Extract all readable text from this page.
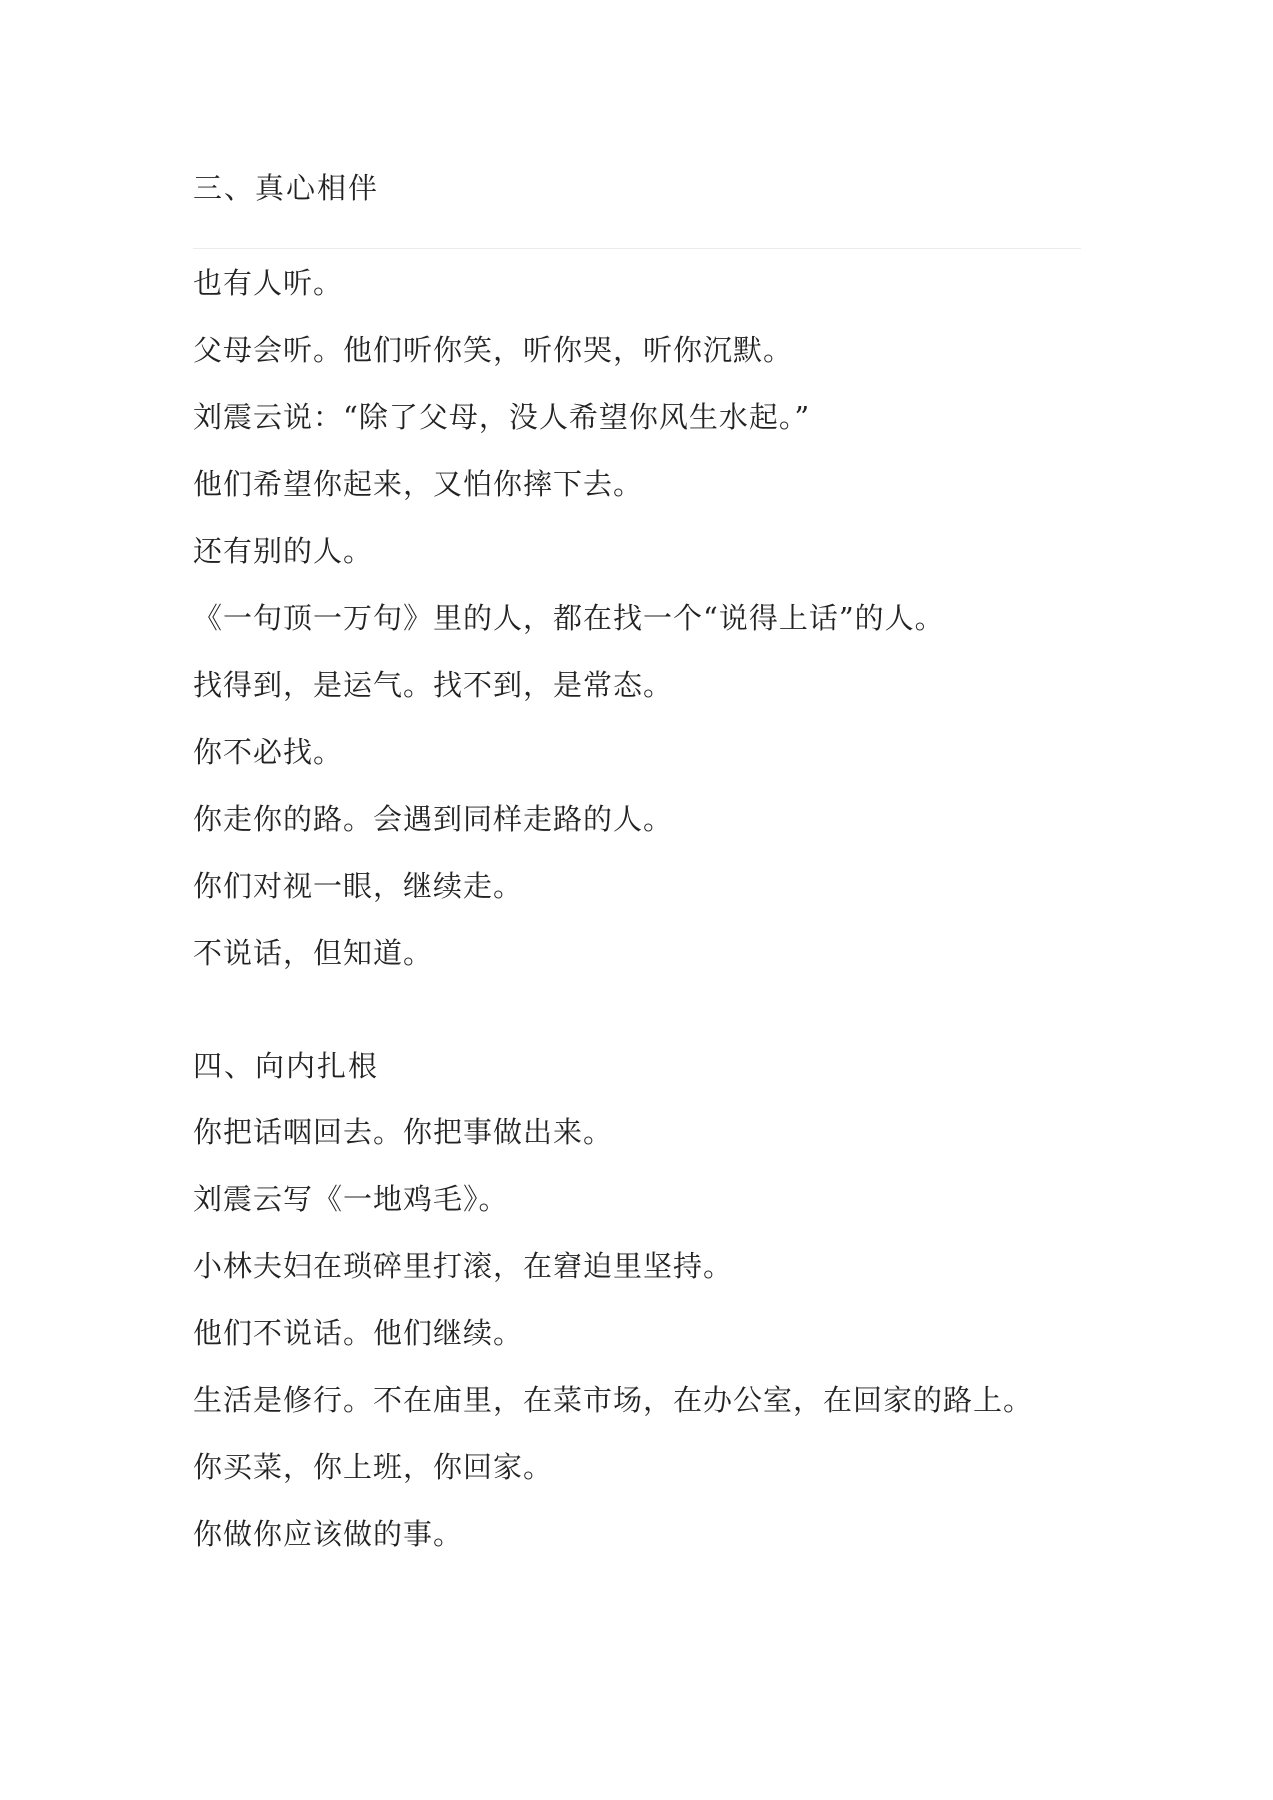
三、真心相伴

也有人听。

父母会听。他们听你笑，听你哭，听你沉默。

刘震云说：“除了父母，没人希望你风生水起。”

他们希望你起来，又怕你摔下去。

还有别的人。

《一句顶一万句》里的人，都在找一个“说得上话”的人。

找得到，是运气。找不到，是常态。

你不必找。

你走你的路。会遇到同样走路的人。

你们对视一眼，继续走。

不说话，但知道。

四、向内扎根

你把话咽回去。你把事做出来。

刘震云写《一地鸡毛》。

小林夫妇在琐碎里打滚，在窘迫里坚持。

他们不说话。他们继续。

生活是修行。不在庙里，在菜市场，在办公室，在回家的路上。

你买菜，你上班，你回家。

你做你应该做的事。
